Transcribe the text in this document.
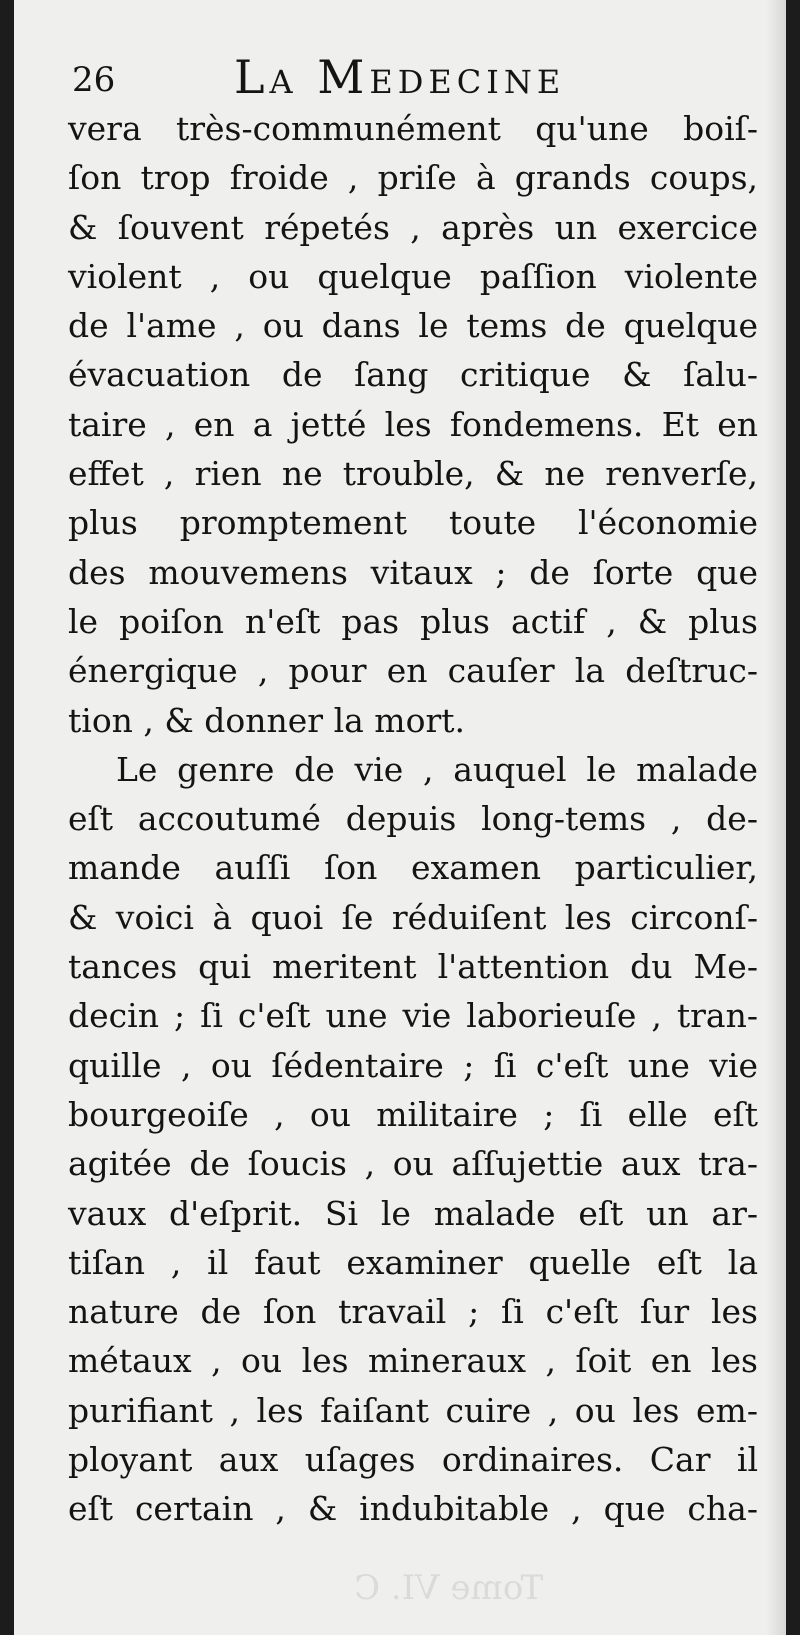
26	La Medecine
vera très-communément qu'une boiſ-
ſon trop froide , priſe à grands coups,
& ſouvent répetés , après un exercice
violent , ou quelque paſſion violente
de l'ame , ou dans le tems de quelque
évacuation de ſang critique & ſalu-
taire , en a jetté les fondemens. Et en
effet , rien ne trouble, & ne renverſe,
plus promptement toute l'économie
des mouvemens vitaux ; de ſorte que
le poiſon n'eſt pas plus actif , & plus
énergique , pour en cauſer la deſtruc-
tion , & donner la mort.
Le genre de vie , auquel le malade
eſt accoutumé depuis long-tems , de-
mande auſſi ſon examen particulier,
& voici à quoi ſe réduiſent les circonſ-
tances qui meritent l'attention du Me-
decin ; ſi c'eſt une vie laborieuſe , tran-
quille , ou ſédentaire ; ſi c'eſt une vie
bourgeoiſe , ou militaire ; ſi elle eſt
agitée de ſoucis , ou aſſujettie aux tra-
vaux d'eſprit. Si le malade eſt un ar-
tiſan , il faut examiner quelle eſt la
nature de ſon travail ; ſi c'eſt ſur les
métaux , ou les mineraux , ſoit en les
purifiant , les faiſant cuire , ou les em-
ployant aux uſages ordinaires. Car il
eſt certain , & indubitable , que cha-
Tome VI. C
